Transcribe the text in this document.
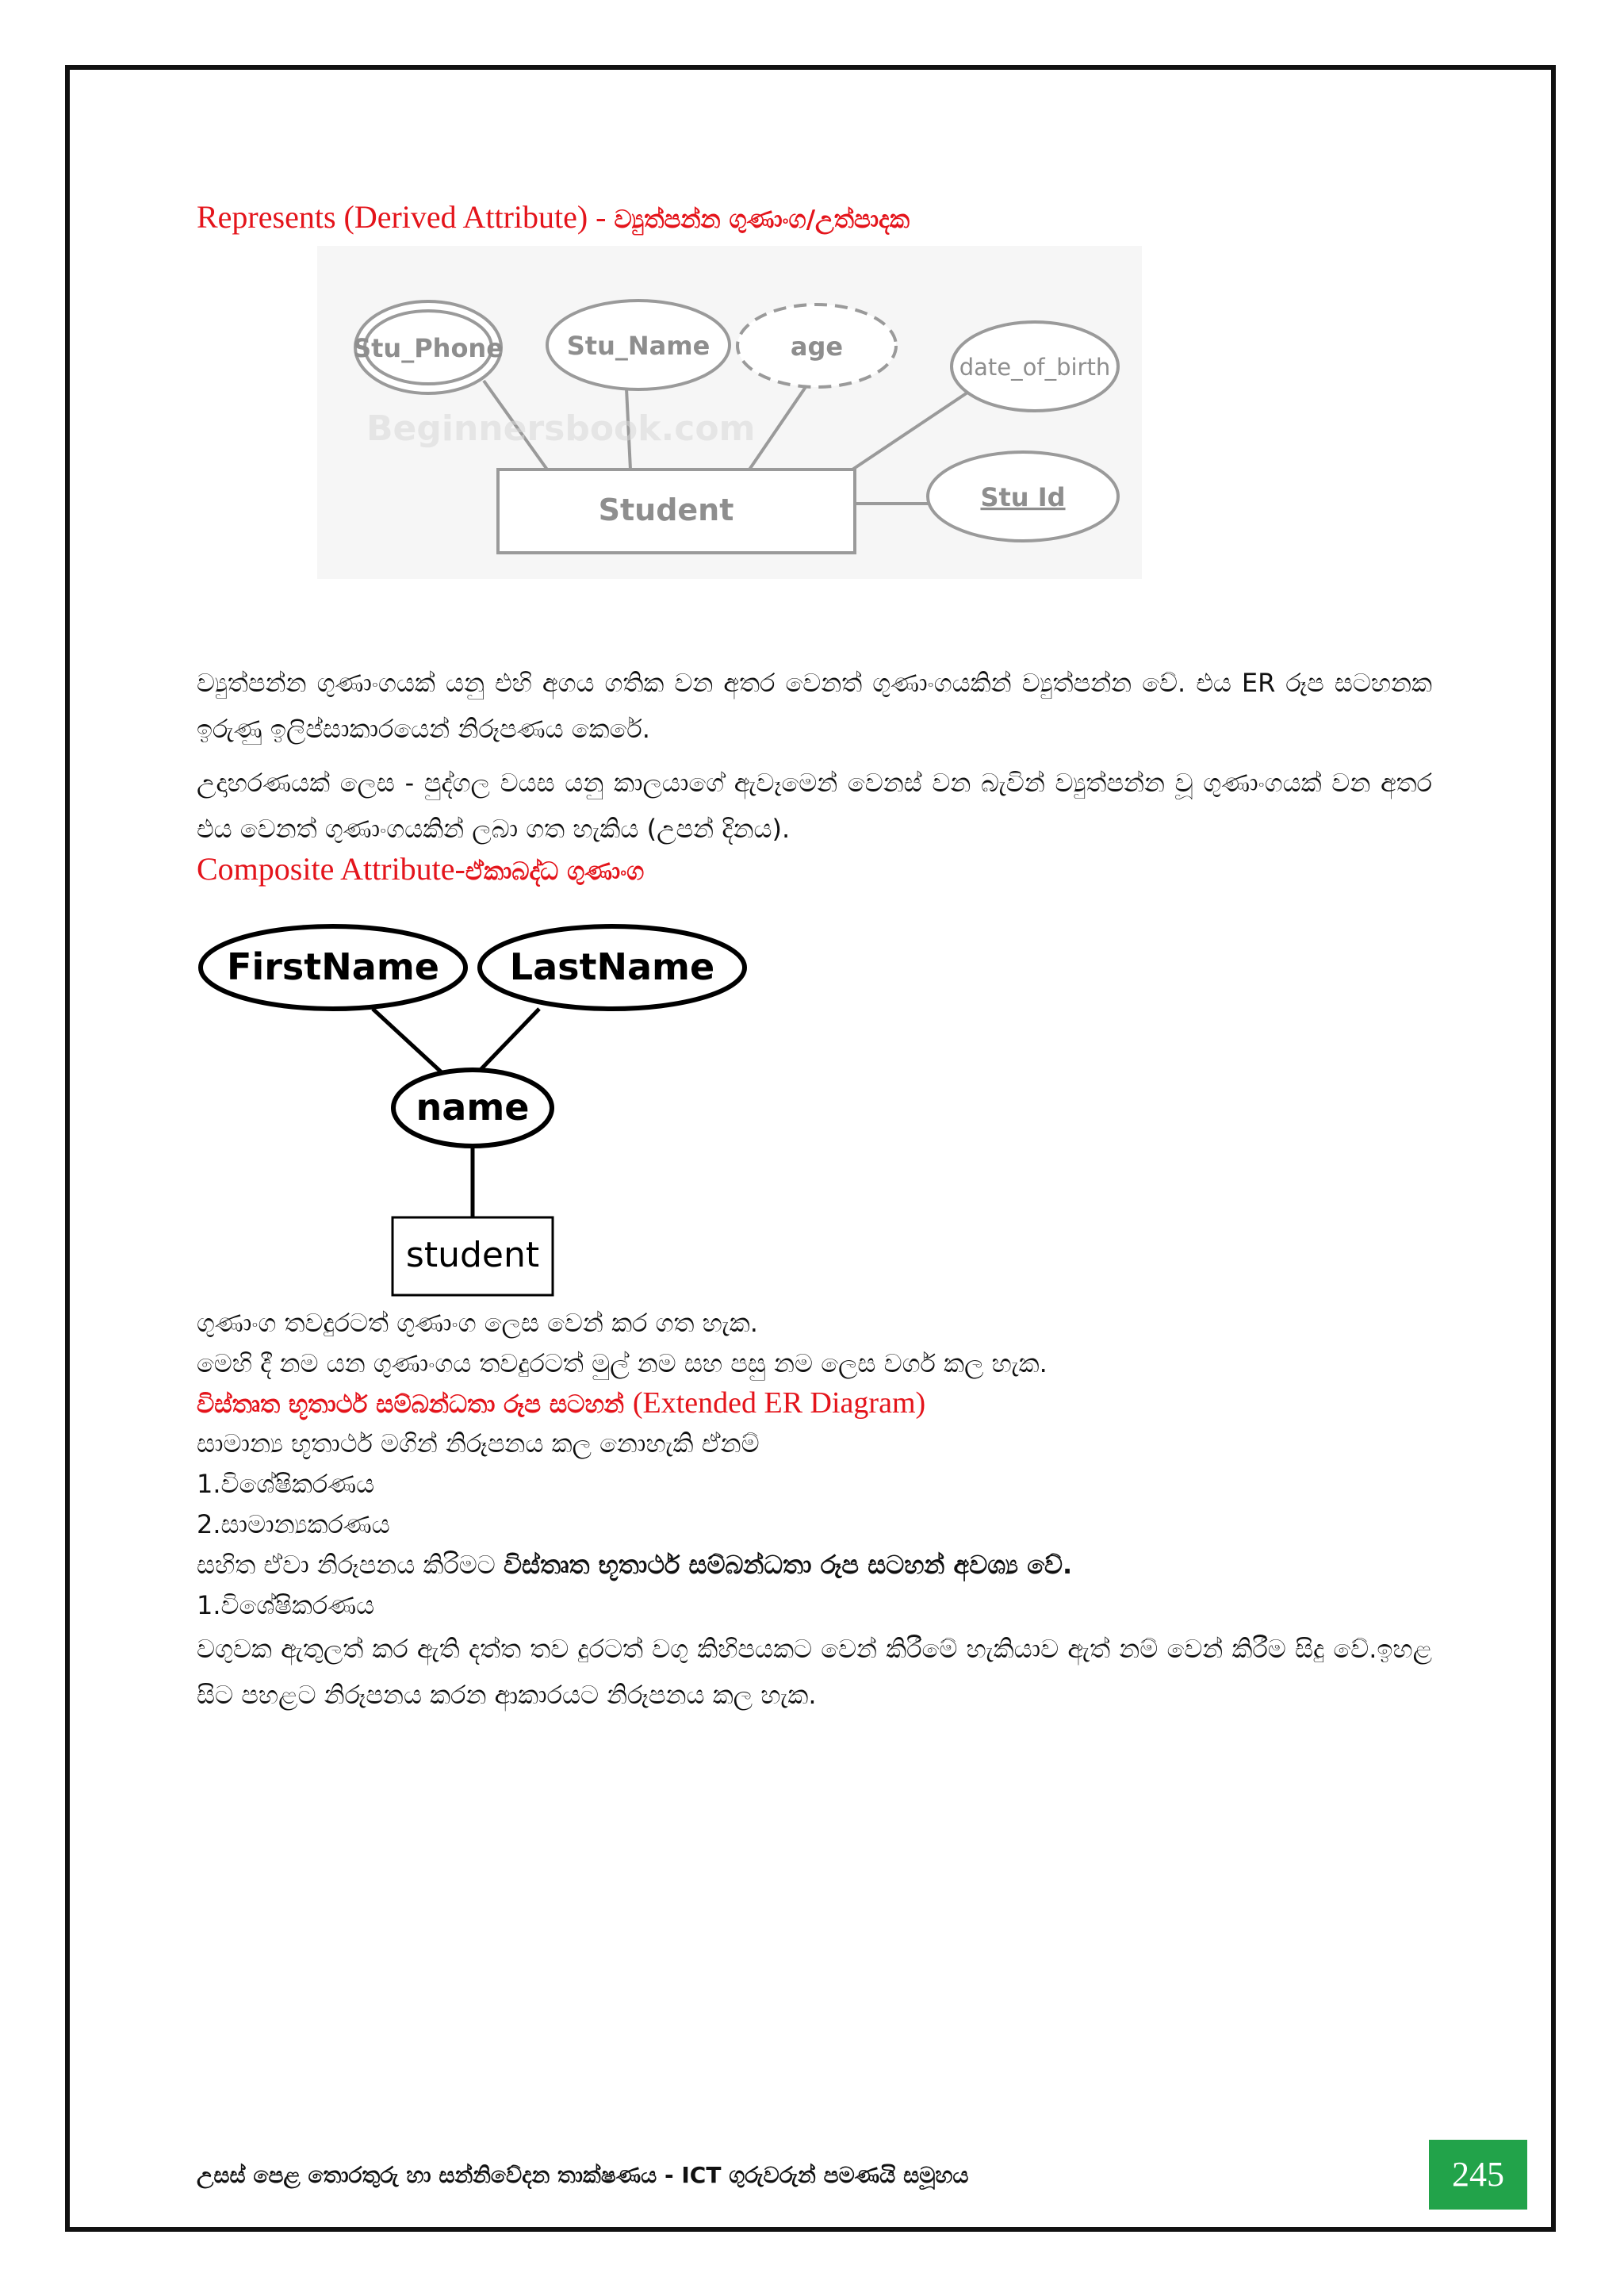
Represents (Derived Attribute) - ව්‍යුත්පන්න ගුණාංග/උත්පාදක
Stu_Phone Stu_Name	age
date_of_birth
Stu Id
Student
Beginnersbook.com
ව්‍යුත්පන්න ගුණාංගයක් යනු එහි අගය ගතික වන අතර වෙනත් ගුණාංගයකින් ව්‍යුත්පන්න වේ. එය ER රූප සටහනක ඉරුණු ඉලිප්සාකාරයෙන් නිරූපණය කෙරේ.
උදාහරණයක් ලෙස - පුද්ගල වයස යනු කාලයාගේ ඇවෑමෙන් වෙනස් වන බැවින් ව්‍යුත්පන්න වූ ගුණාංගයක් වන අතර එය වෙනත් ගුණාංගයකින් ලබා ගත හැකිය (උපන් දිනය).
Composite Attribute-ඒකාබද්ධ ගුණාංග
FirstName LastName
name
student
ගුණාංග තවදුරටත් ගුණාංග ලෙස වෙන් කර ගත හැක.
මෙහි දී නම යන ගුණාංගය තවදුරටත් මුල් නම සහ පසු නම ලෙස වර්ග කල හැක.
විස්තෘත භූතාර්ථ සම්බන්ධතා රූප සටහන් (Extended ER Diagram)
සාමාන්‍ය භූතාර්ථ මගින් නිරූපනය කල නොහැකි ඒනම්
1.විශේෂිකරණය
2.සාමාන්‍යකරණය
සහිත ඒවා නිරූපනය කිරිමට විස්තෘත භූතාර්ථ සම්බන්ධතා රූප සටහන් අවශ්‍ය වේ.
1.විශේෂිකරණය
වගුවක ඇතුලත් කර ඇති දත්ත තව දුරටත් වගු කිහිපයකට වෙන් කිරීමේ හැකියාව ඇත් නම් වෙන් කිරීම සිදු වේ.ඉහළ සිට පහළට නිරූපනය කරන ආකාරයට නිරූපනය කල හැක.
උසස් පෙළ තොරතුරු හා සන්නිවේදන තාක්ෂණය - ICT ගුරුවරුන් පමණයි සමූහය	245
